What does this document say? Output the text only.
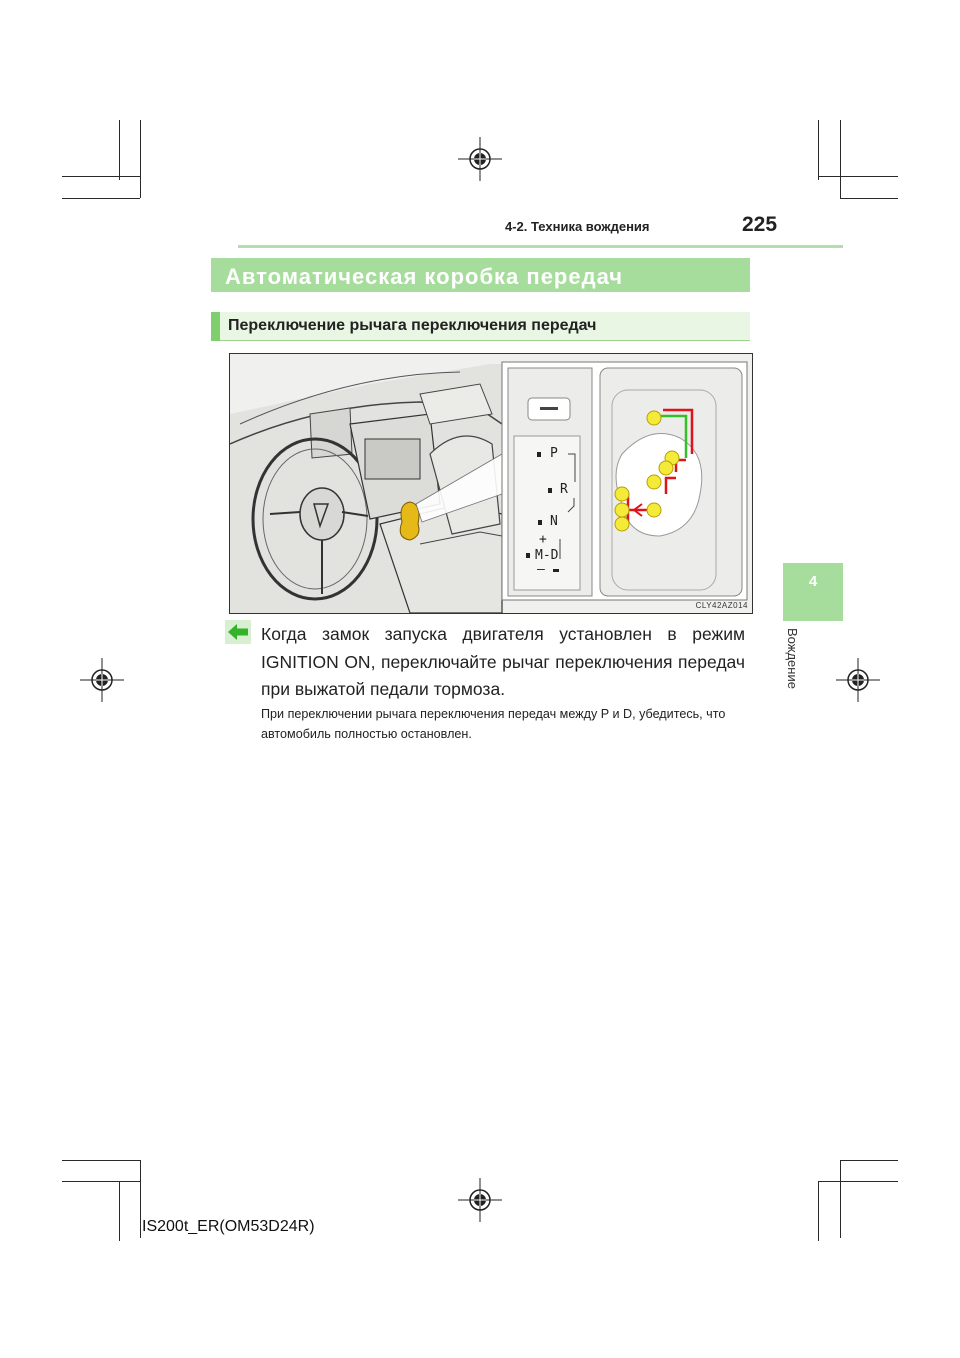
4-2. Техника вождения	225
Автоматическая коробка передач
Переключение рычага переключения передач
P
R
N
+
M-D
–
CLY42AZ014
4
Вождение
Когда замок запуска двигателя установлен в режим IGNITION ON, переключайте рычаг переключения передач при выжатой педали тормоза.
При переключении рычага переключения передач между P и D, убедитесь, что автомобиль полностью остановлен.
IS200t_ER(OM53D24R)
